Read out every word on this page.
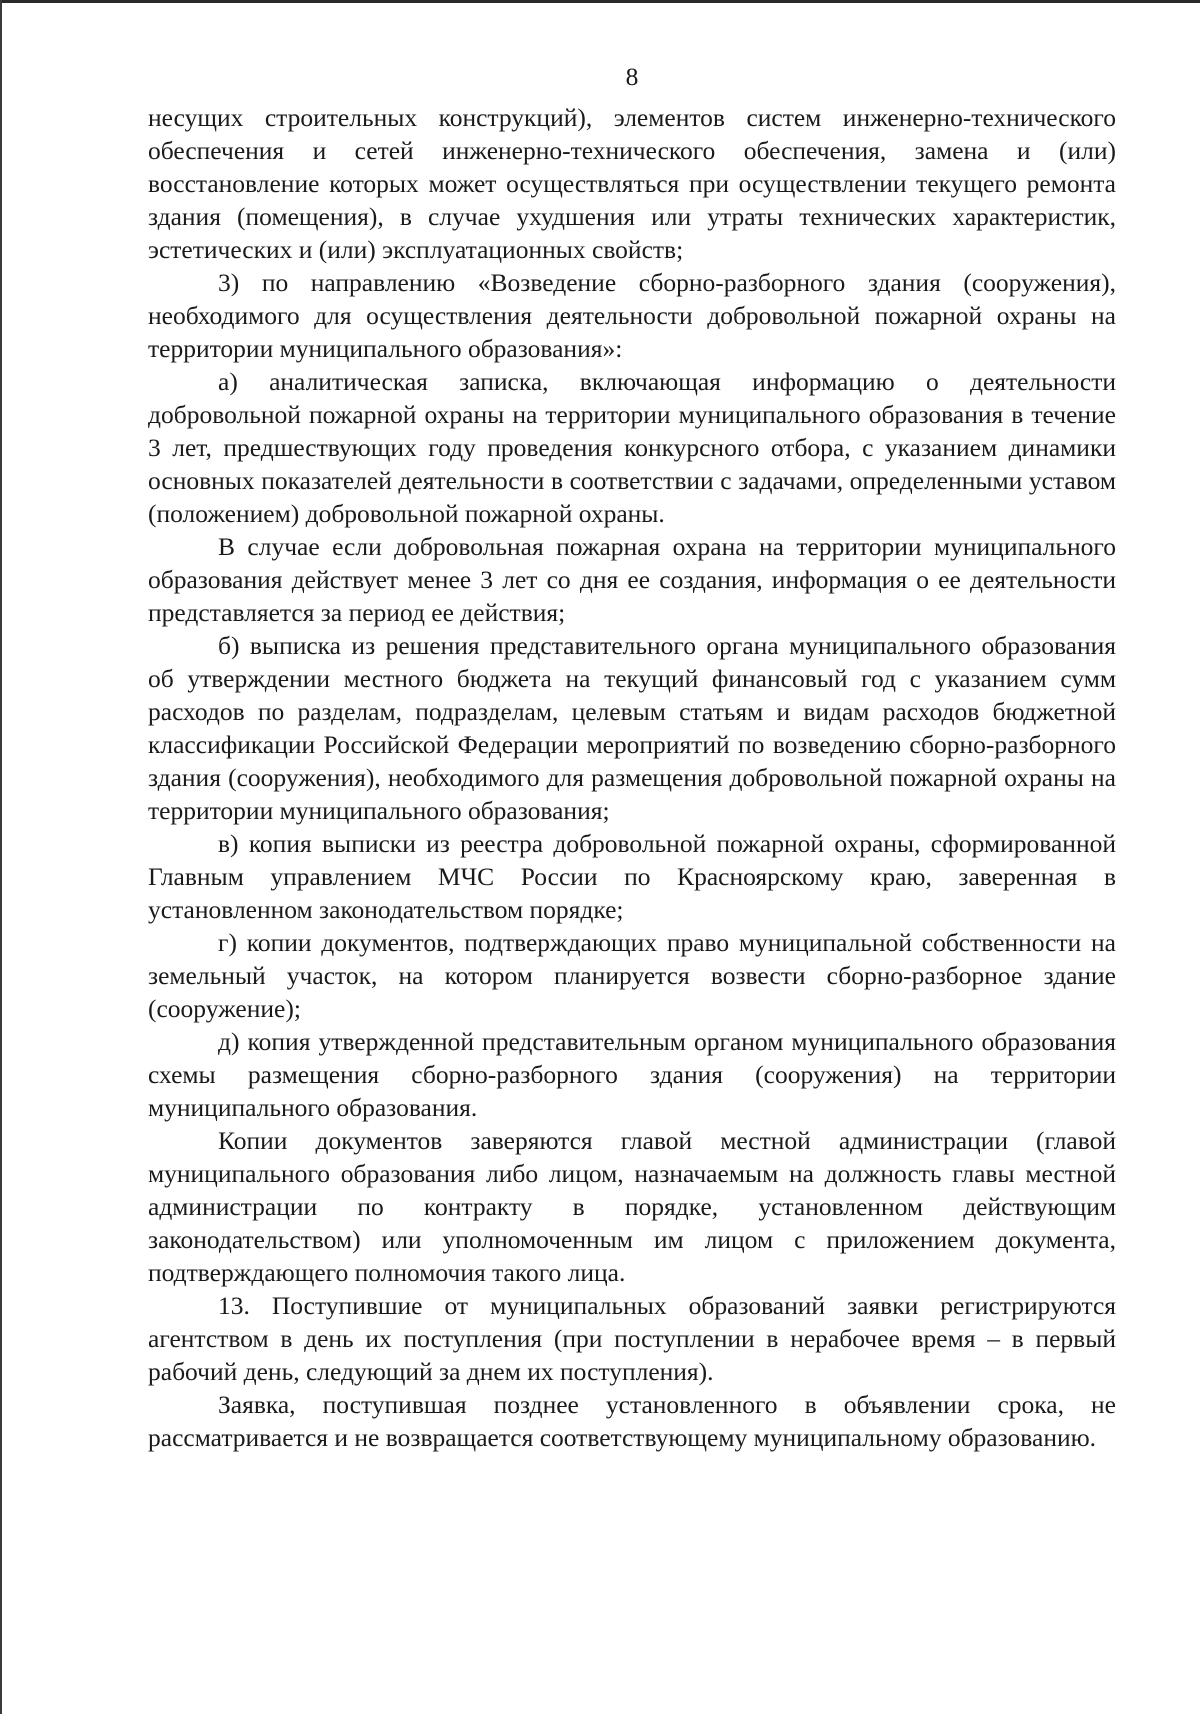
8

несущих строительных конструкций), элементов систем инженерно-технического обеспечения и сетей инженерно-технического обеспечения, замена и (или) восстановление которых может осуществляться при осуществлении текущего ремонта здания (помещения), в случае ухудшения или утраты технических характеристик, эстетических и (или) эксплуатационных свойств;

3) по направлению «Возведение сборно-разборного здания (сооружения), необходимого для осуществления деятельности добровольной пожарной охраны на территории муниципального образования»:

а) аналитическая записка, включающая информацию о деятельности добровольной пожарной охраны на территории муниципального образования в течение 3 лет, предшествующих году проведения конкурсного отбора, с указанием динамики основных показателей деятельности в соответствии с задачами, определенными уставом (положением) добровольной пожарной охраны.

В случае если добровольная пожарная охрана на территории муниципального образования действует менее 3 лет со дня ее создания, информация о ее деятельности представляется за период ее действия;

б) выписка из решения представительного органа муниципального образования об утверждении местного бюджета на текущий финансовый год с указанием сумм расходов по разделам, подразделам, целевым статьям и видам расходов бюджетной классификации Российской Федерации мероприятий по возведению сборно-разборного здания (сооружения), необходимого для размещения добровольной пожарной охраны на территории муниципального образования;

в) копия выписки из реестра добровольной пожарной охраны, сформированной Главным управлением МЧС России по Красноярскому краю, заверенная в установленном законодательством порядке;

г) копии документов, подтверждающих право муниципальной собственности на земельный участок, на котором планируется возвести сборно-разборное здание (сооружение);

д) копия утвержденной представительным органом муниципального образования схемы размещения сборно-разборного здания (сооружения) на территории муниципального образования.

Копии документов заверяются главой местной администрации (главой муниципального образования либо лицом, назначаемым на должность главы местной администрации по контракту в порядке, установленном действующим законодательством) или уполномоченным им лицом с приложением документа, подтверждающего полномочия такого лица.

13. Поступившие от муниципальных образований заявки регистрируются агентством в день их поступления (при поступлении в нерабочее время – в первый рабочий день, следующий за днем их поступления).

Заявка, поступившая позднее установленного в объявлении срока, не рассматривается и не возвращается соответствующему муниципальному образованию.
